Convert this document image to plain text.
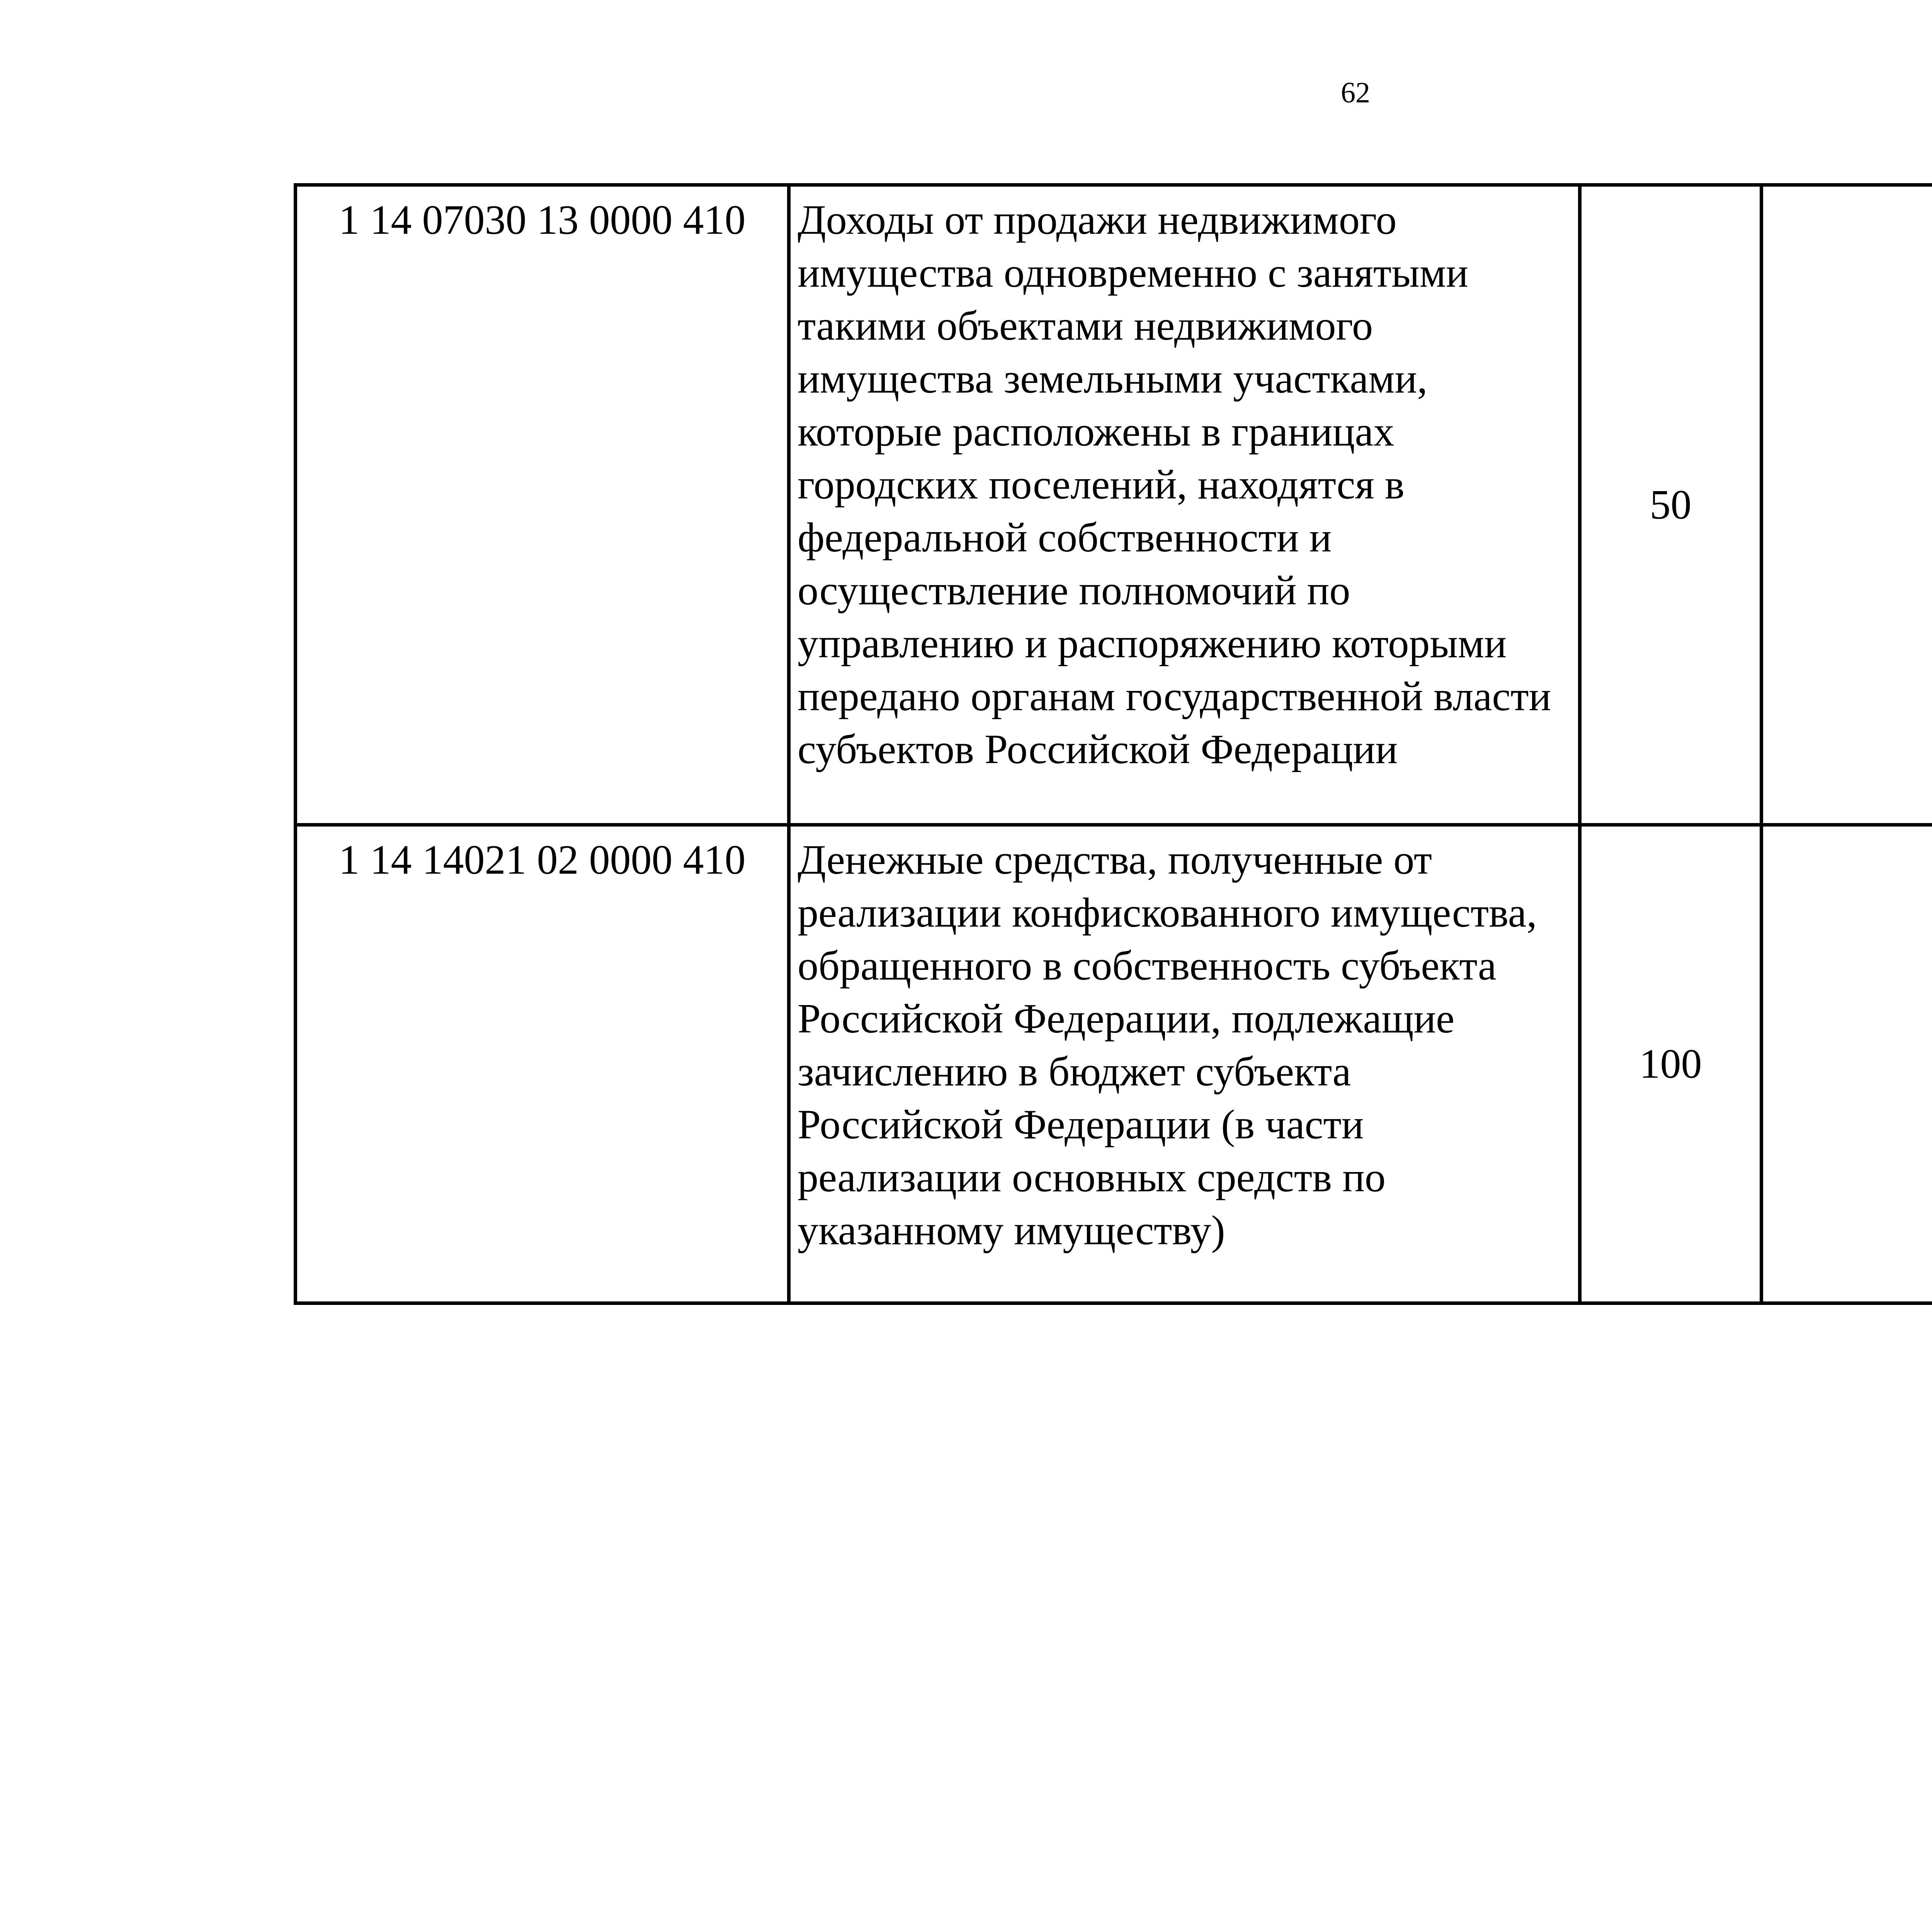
62
1 14 07030 13 0000 410	Доходы от продажи недвижимого имущества одновременно с занятыми такими объектами недвижимого имущества земельными участками, которые расположены в границах городских поселений, находятся в федеральной собственности и осуществление полномочий по управлению и распоряжению которыми передано органам государственной власти субъектов Российской Федерации	50				
1 14 14021 02 0000 410	Денежные средства, полученные от реализации конфискованного имущества, обращенного в собственность субъекта Российской Федерации, подлежащие зачислению в бюджет субъекта Российской Федерации (в части реализации основных средств по указанному имуществу)	100				
